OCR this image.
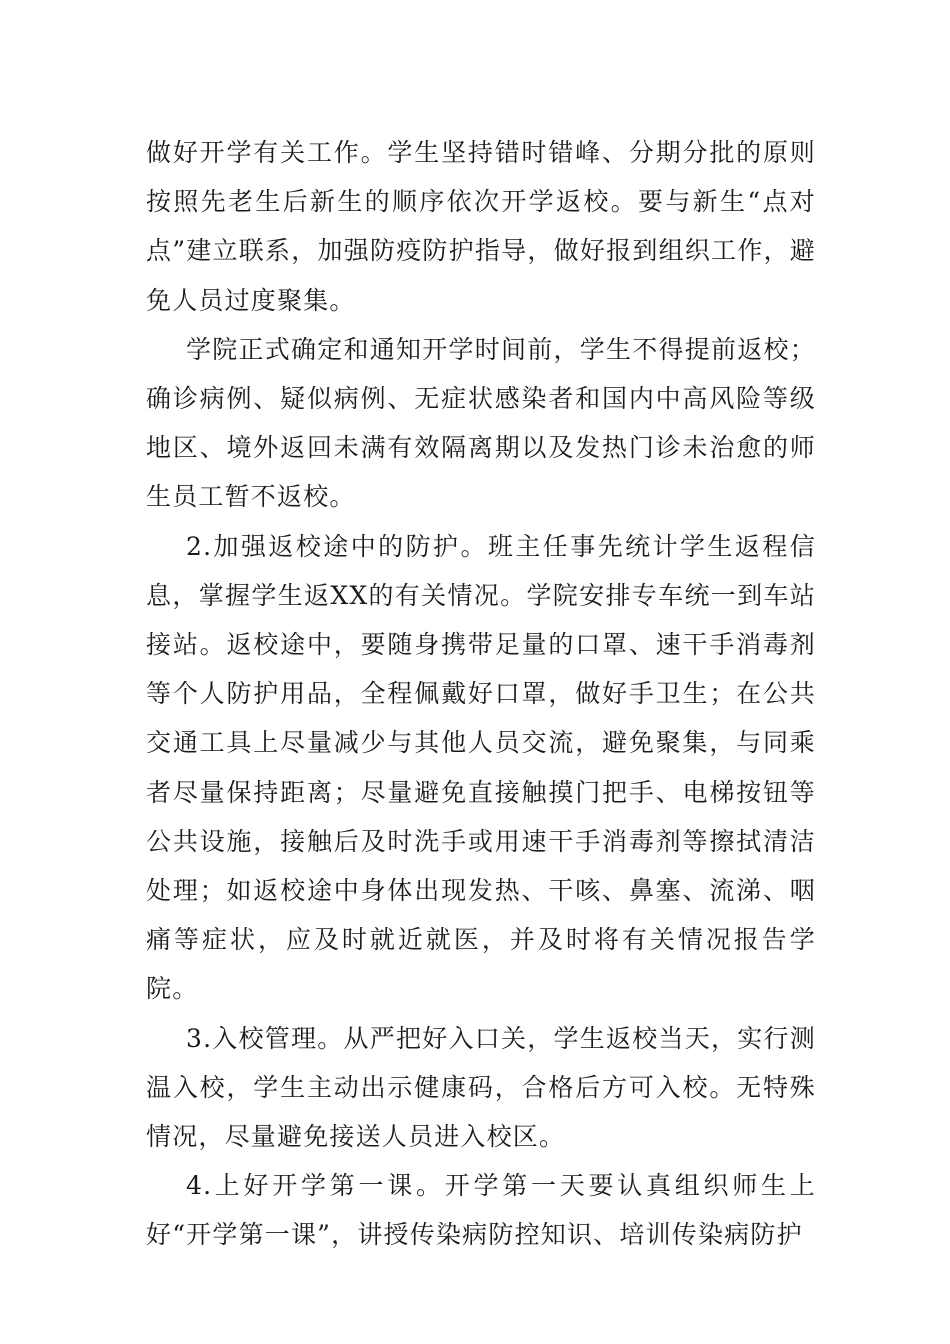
做好开学有关工作。学生坚持错时错峰、分期分批的原则按照先老生后新生的顺序依次开学返校。要与新生“点对点”建立联系，加强防疫防护指导，做好报到组织工作，避免人员过度聚集。

学院正式确定和通知开学时间前，学生不得提前返校；确诊病例、疑似病例、无症状感染者和国内中高风险等级地区、境外返回未满有效隔离期以及发热门诊未治愈的师生员工暂不返校。

2.加强返校途中的防护。班主任事先统计学生返程信息，掌握学生返XX的有关情况。学院安排专车统一到车站接站。返校途中，要随身携带足量的口罩、速干手消毒剂等个人防护用品，全程佩戴好口罩，做好手卫生；在公共交通工具上尽量减少与其他人员交流，避免聚集，与同乘者尽量保持距离；尽量避免直接触摸门把手、电梯按钮等公共设施，接触后及时洗手或用速干手消毒剂等擦拭清洁处理；如返校途中身体出现发热、干咳、鼻塞、流涕、咽痛等症状，应及时就近就医，并及时将有关情况报告学院。

3.入校管理。从严把好入口关，学生返校当天，实行测温入校，学生主动出示健康码，合格后方可入校。无特殊情况，尽量避免接送人员进入校区。

4.上好开学第一课。开学第一天要认真组织师生上好“开学第一课”，讲授传染病防控知识、培训传染病防护
